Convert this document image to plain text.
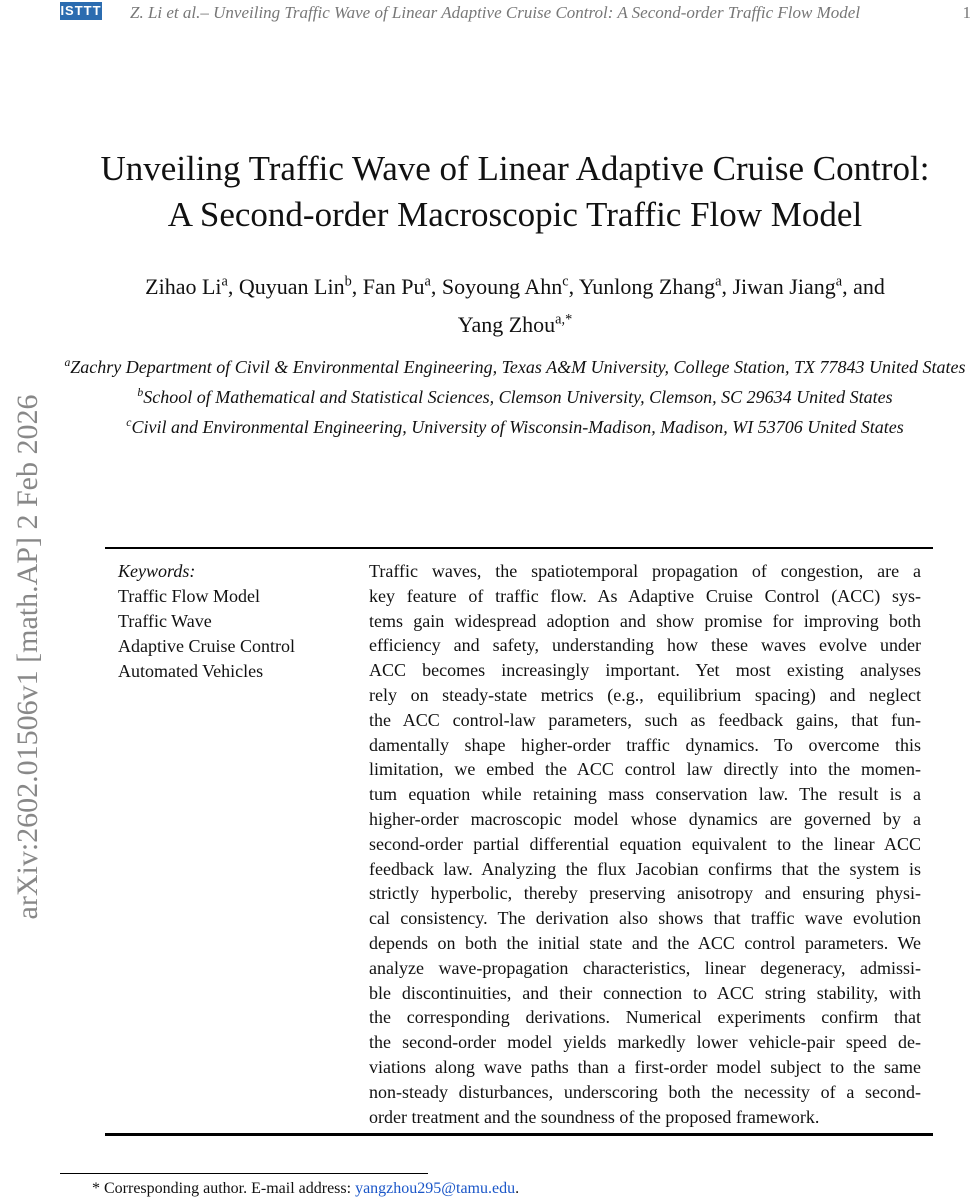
ISTTT Z. Li et al.– Unveiling Traffic Wave of Linear Adaptive Cruise Control: A Second-order Traffic Flow Model	1
arXiv:2602.01506v1 [math.AP] 2 Feb 2026
Unveiling Traffic Wave of Linear Adaptive Cruise Control:
A Second-order Macroscopic Traffic Flow Model
Zihao Li$^a$, Quyuan Lin$^b$, Fan Pu$^a$, Soyoung Ahn$^c$, Yunlong Zhang$^a$, Jiwan Jiang$^a$, and
Yang Zhou$^{a,*}$
$^a$Zachry Department of Civil & Environmental Engineering, Texas A&M University, College Station, TX 77843 United States
$^b$School of Mathematical and Statistical Sciences, Clemson University, Clemson, SC 29634 United States
$^c$Civil and Environmental Engineering, University of Wisconsin-Madison, Madison, WI 53706 United States
Keywords:
Traffic Flow Model
Traffic Wave
Adaptive Cruise Control
Automated Vehicles
Traffic waves, the spatiotemporal propagation of congestion, are a
key feature of traffic flow. As Adaptive Cruise Control (ACC) sys-
tems gain widespread adoption and show promise for improving both
efficiency and safety, understanding how these waves evolve under
ACC becomes increasingly important. Yet most existing analyses
rely on steady-state metrics (e.g., equilibrium spacing) and neglect
the ACC control-law parameters, such as feedback gains, that fun-
damentally shape higher-order traffic dynamics. To overcome this
limitation, we embed the ACC control law directly into the momen-
tum equation while retaining mass conservation law. The result is a
higher-order macroscopic model whose dynamics are governed by a
second-order partial differential equation equivalent to the linear ACC
feedback law. Analyzing the flux Jacobian confirms that the system is
strictly hyperbolic, thereby preserving anisotropy and ensuring physi-
cal consistency. The derivation also shows that traffic wave evolution
depends on both the initial state and the ACC control parameters. We
analyze wave-propagation characteristics, linear degeneracy, admissi-
ble discontinuities, and their connection to ACC string stability, with
the corresponding derivations. Numerical experiments confirm that
the second-order model yields markedly lower vehicle-pair speed de-
viations along wave paths than a first-order model subject to the same
non-steady disturbances, underscoring both the necessity of a second-
order treatment and the soundness of the proposed framework.
* Corresponding author. E-mail address: yangzhou295@tamu.edu.
